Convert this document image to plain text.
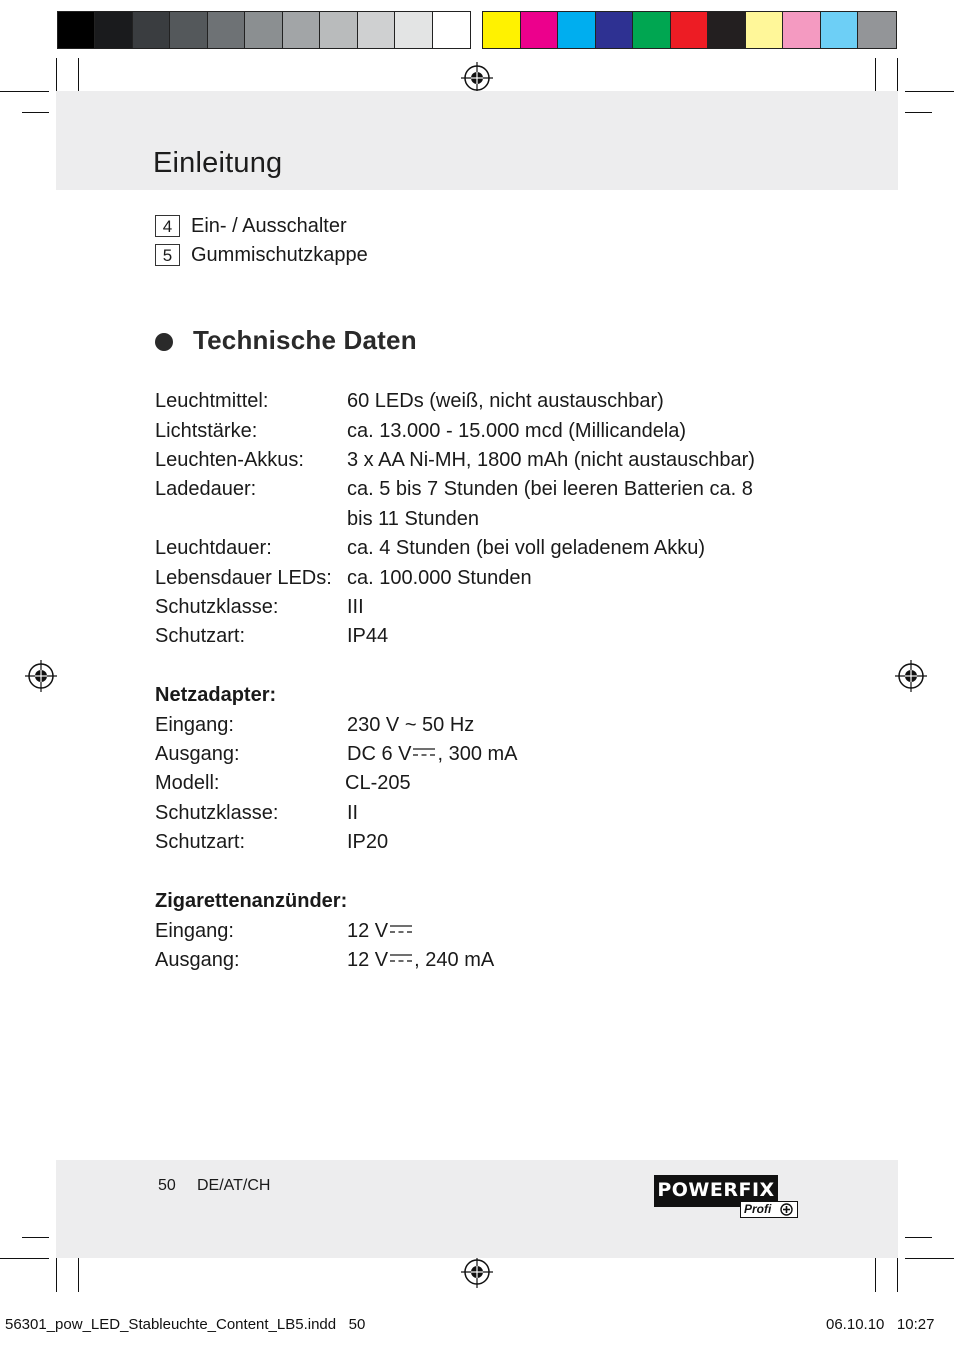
Einleitung
4 Ein- / Ausschalter
5 Gummischutzkappe
Technische Daten
Leuchtmittel:	60 LEDs (weiß, nicht austauschbar)
Lichtstärke:	ca. 13.000 - 15.000 mcd (Millicandela)
Leuchten-Akkus: 3 x AA Ni-MH, 1800 mAh (nicht austauschbar)
Ladedauer:	ca. 5 bis 7 Stunden (bei leeren Batterien ca. 8
bis 11 Stunden
Leuchtdauer:	ca. 4 Stunden (bei voll geladenem Akku)
Lebensdauer LEDs: ca. 100.000 Stunden
Schutzklasse:	III
Schutzart:	IP44
Netzadapter:
Eingang:	230 V ~ 50 Hz
Ausgang:	DC 6 V , 300 mA
Modell:	CL-205
Schutzklasse:	II
Schutzart:	IP20
Zigarettenanzünder:
Eingang:	12 V
Ausgang:	12 V , 240 mA
50 DE/AT/CH	POWERFIX
Profi
56301_pow_LED_Stableuchte_Content_LB5.indd   50	06.10.10   10:27
